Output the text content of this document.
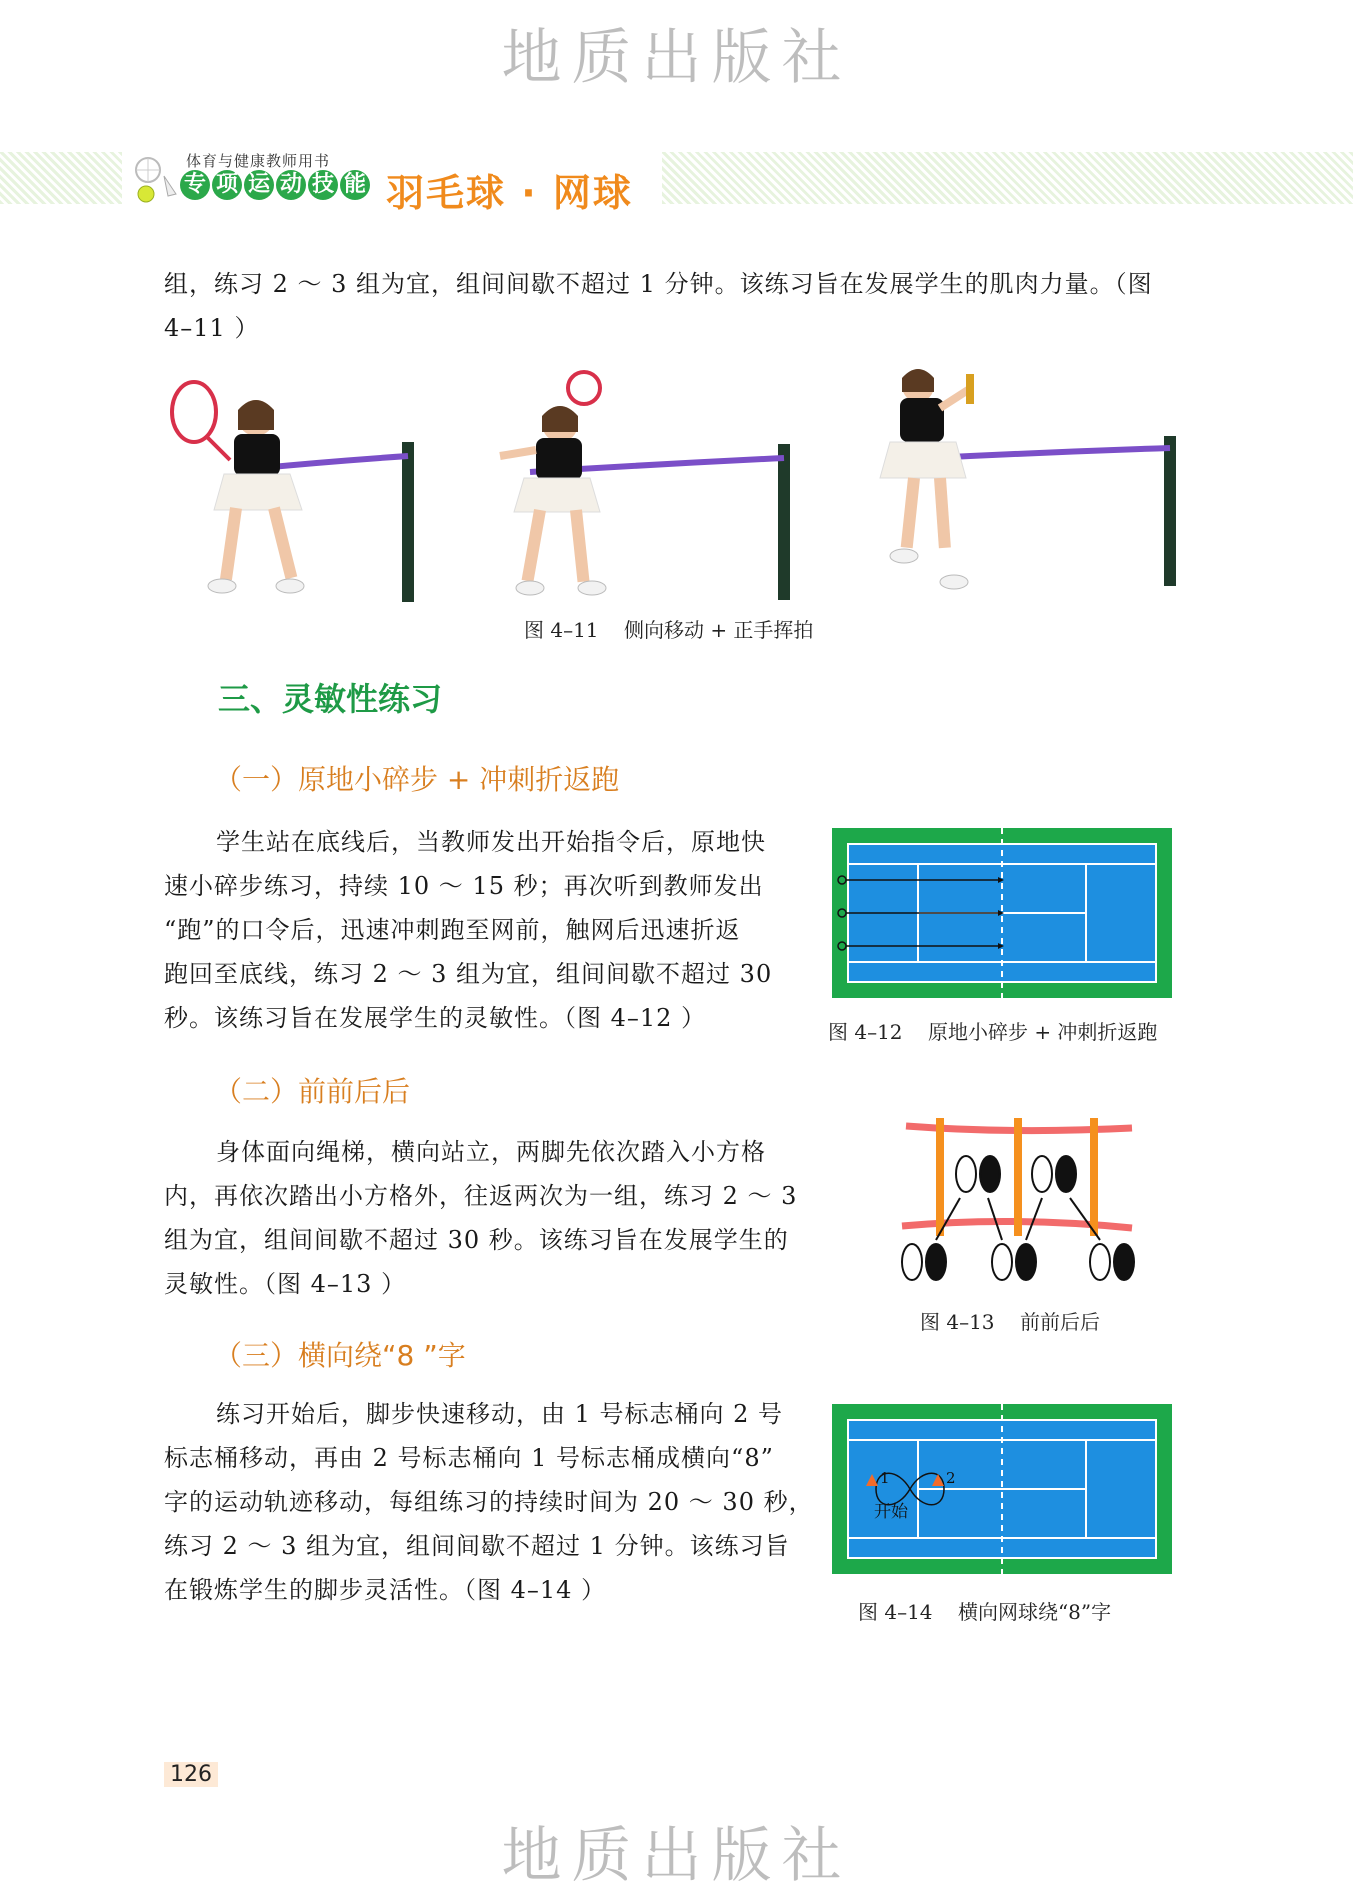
地质出版社
地质出版社
体育与健康教师用书
专 项 运 动 技 能 羽毛球 · 网球
组，练习 2 ～ 3 组为宜，组间间歇不超过 1 分钟。该练习旨在发展学生的肌肉力量。（图
4–11 ）
图 4–11    侧向移动 + 正手挥拍
三、灵敏性练习
（一）原地小碎步 + 冲刺折返跑
学生站在底线后，当教师发出开始指令后，原地快
速小碎步练习，持续 10 ～ 15 秒；再次听到教师发出
“跑”的口令后，迅速冲刺跑至网前，触网后迅速折返
跑回至底线，练习 2 ～ 3 组为宜，组间间歇不超过 30
秒。该练习旨在发展学生的灵敏性。（图 4–12 ）	图 4–12    原地小碎步 + 冲刺折返跑
（二）前前后后
身体面向绳梯，横向站立，两脚先依次踏入小方格
内，再依次踏出小方格外，往返两次为一组，练习 2 ～ 3
组为宜，组间间歇不超过 30 秒。该练习旨在发展学生的
灵敏性。（图 4–13 ）
图 4–13    前前后后
（三）横向绕“8 ”字
练习开始后，脚步快速移动，由 1 号标志桶向 2 号
标志桶移动，再由 2 号标志桶向 1 号标志桶成横向“8”
字的运动轨迹移动，每组练习的持续时间为 20 ～ 30 秒，
练习 2 ～ 3 组为宜，组间间歇不超过 1 分钟。该练习旨
在锻炼学生的脚步灵活性。（图 4–14 ）
1	2
开始
图 4–14    横向网球绕“8”字
126
